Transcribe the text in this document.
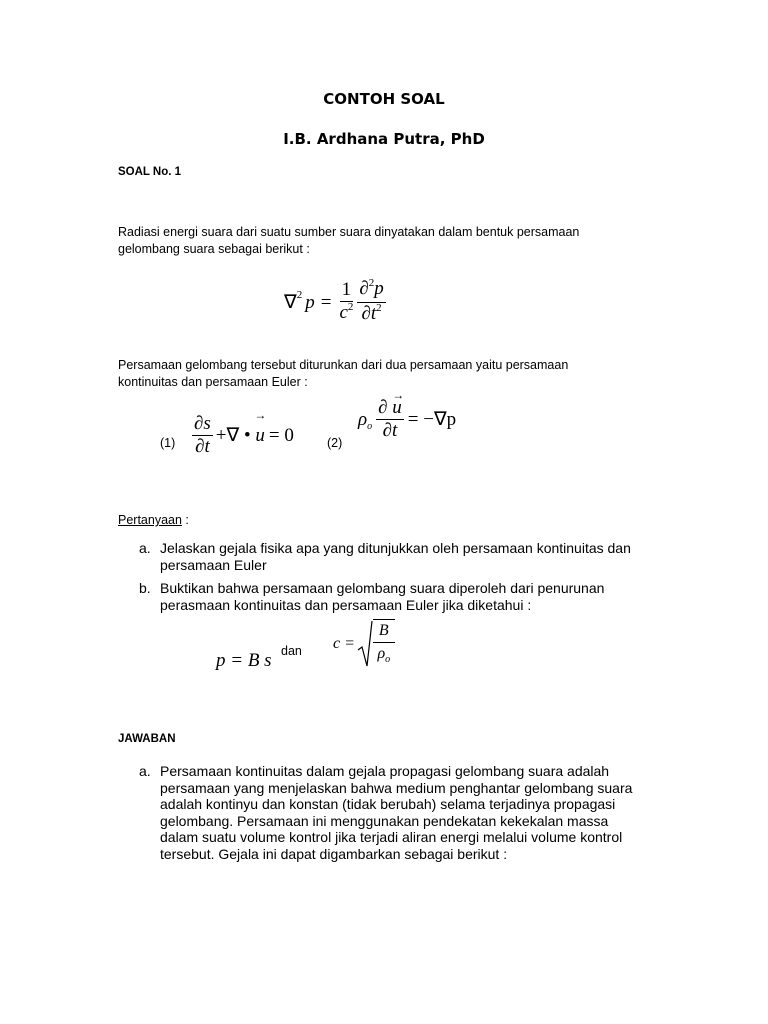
CONTOH SOAL
I.B. Ardhana Putra, PhD
SOAL No. 1
Radiasi energi suara dari suatu sumber suara dinyatakan dalam bentuk persamaan
gelombang suara sebagai berikut :
∇ 2 $p = \frac{1}{c^2} \frac{\partial^2p}{\partial t^2}$
Persamaan gelombang tersebut diturunkan dari dua persamaan yaitu persamaan
kontinuitas dan persamaan Euler :
$(1) \frac{\partial s}{\partial t}$ +∇ •
→
u = 0	(2)
$\rho_o$ ∂
→
u
∂t = −∇p
Pertanyaan :
a. Jelaskan gejala fisika apa yang ditunjukkan oleh persamaan kontinuitas dan
persamaan Euler
b. Buktikan bahwa persamaan gelombang suara diperoleh dari penurunan
perasmaan kontinuitas dan persamaan Euler jika diketahui :
p = B s dan $c = \frac{B}{\rho_o}$
JAWABAN
a. Persamaan kontinuitas dalam gejala propagasi gelombang suara adalah
persamaan yang menjelaskan bahwa medium penghantar gelombang suara
adalah kontinyu dan konstan (tidak berubah) selama terjadinya propagasi
gelombang. Persamaan ini menggunakan pendekatan kekekalan massa
dalam suatu volume kontrol jika terjadi aliran energi melalui volume kontrol
tersebut. Gejala ini dapat digambarkan sebagai berikut :
